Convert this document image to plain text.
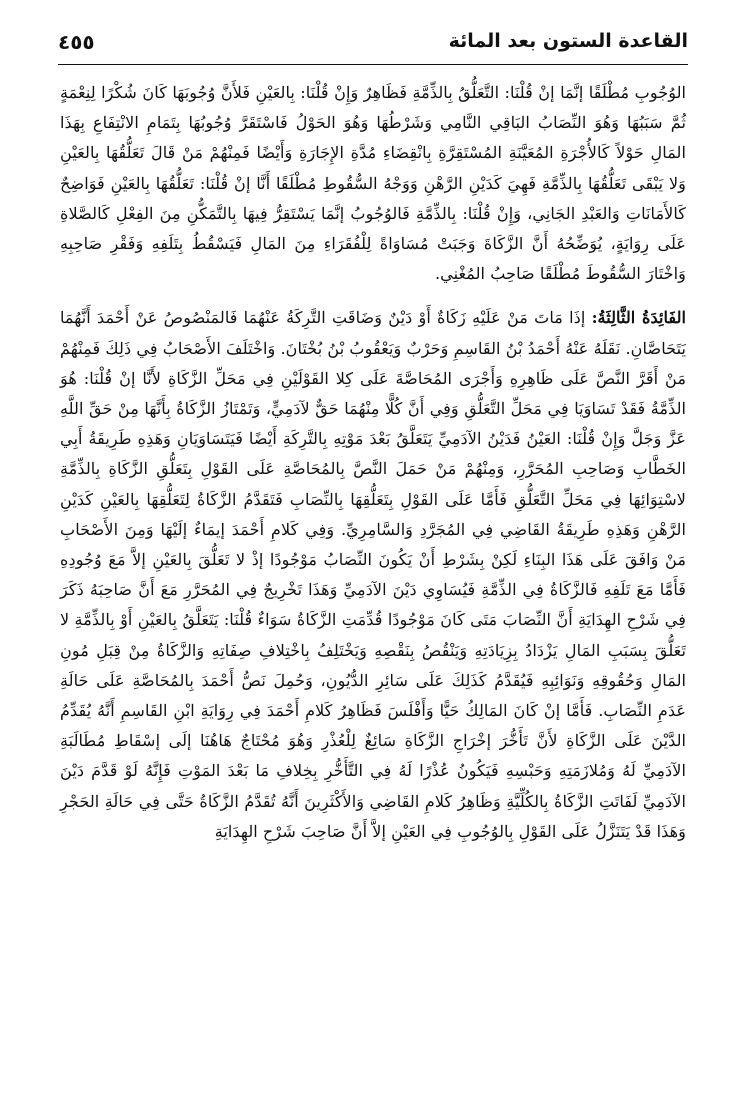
القاعدة الستون بعد المائة
٤٥٥

الوُجُوبِ مُطْلَقًا إنَّمَا إنْ قُلْنَا: التَّعَلُّقُ بِالذِّمَّةِ فَظَاهِرٌ وَإِنْ قُلْنَا: بِالعَيْنِ فَلأَنَّ وُجُوبَهَا كَانَ شُكْرًا لِنِعْمَةٍ ثُمَّ سَبَبُهَا وَهُوَ النِّصَابُ البَاقِي النَّامِي وَشَرْطُهَا وَهُوَ الحَوْلُ فَاسْتَقَرَّ وُجُوبُهَا بِتَمَامِ الانْتِفَاعِ بِهَذَا المَالِ حَوْلاً كَالأُجْرَةِ المُعَيَّنَةِ المُسْتَقِرَّةِ بِانْقِضَاءِ مُدَّةِ الإِجَارَةِ وَأَيْضًا فَمِنْهُمْ مَنْ قَالَ تَعَلُّقُهَا بِالعَيْنِ وَلا يَبْقَى تَعَلُّقُهَا بِالذِّمَّةِ فَهِيَ كَدَيْنِ الرَّهْنِ وَوَجْهُ السُّقُوطِ مُطْلَقًا أَنَّا إنْ قُلْنَا: تَعَلُّقُهَا بِالعَيْنِ فَوَاضِحٌ كَالأَمَانَاتِ وَالعَبْدِ الجَانِي، وَإِنْ قُلْنَا: بِالذِّمَّةِ فَالوُجُوبُ إنَّمَا يَسْتَقِرُّ فِيهَا بِالتَّمَكُّنِ مِنَ الفِعْلِ كَالصَّلاةِ عَلَى رِوَايَةٍ، يُوَضِّحُهُ أَنَّ الزَّكَاةَ وَجَبَتْ مُسَاوَاةً لِلْفُقَرَاءِ مِنَ المَالِ فَيَسْقُطُ بِتَلَفِهِ وَفَقْرِ صَاحِبِهِ وَاخْتَارَ السُّقُوطَ مُطْلَقًا صَاحِبُ المُغْنِي.

الفَائِدَةُ الثَّالِثَةُ: إذَا مَاتَ مَنْ عَلَيْهِ زَكَاةٌ أَوْ دَيْنٌ وَضَاقَتِ التَّرِكَةُ عَنْهُمَا فَالمَنْصُوصُ عَنْ أَحْمَدَ أَنَّهُمَا يَتَحَاصَّانِ. نَقَلَهُ عَنْهُ أَحْمَدُ بْنُ القَاسِمِ وَحَرْبٌ وَيَعْقُوبُ بْنُ بُخْتَانَ. وَاخْتَلَفَ الأَصْحَابُ فِي ذَلِكَ فَمِنْهُمْ مَنْ أَقَرَّ النَّصَّ عَلَى ظَاهِرِهِ وَأَجْرَى المُحَاصَّةَ عَلَى كِلا القَوْلَيْنِ فِي مَحَلِّ الزَّكَاةِ لأَنَّا إنْ قُلْنَا: هُوَ الذِّمَّةُ فَقَدْ تَسَاوَيَا فِي مَحَلِّ التَّعَلُّقِ وَفِي أَنَّ كُلًّا مِنْهُمَا حَقٌّ لآدَمِيٍّ، وَتَمْتَازُ الزَّكَاةُ بِأَنَّهَا مِنْ حَقِّ اللَّهِ عَزَّ وَجَلَّ وَإِنْ قُلْنَا: العَيْنُ فَدَيْنُ الآدَمِيِّ يَتَعَلَّقُ بَعْدَ مَوْتِهِ بِالتَّرِكَةِ أَيْضًا فَيَتَسَاوَيَانِ وَهَذِهِ طَرِيقَةُ أَبِي الخَطَّابِ وَصَاحِبِ المُحَرَّرِ، وَمِنْهُمْ مَنْ حَمَلَ النَّصَّ بِالمُحَاصَّةِ عَلَى القَوْلِ بِتَعَلُّقِ الزَّكَاةِ بِالذِّمَّةِ لاسْتِوَائِهَا فِي مَحَلِّ التَّعَلُّقِ فَأَمَّا عَلَى القَوْلِ بِتَعَلُّقِهَا بِالنِّصَابِ فَتَقَدَّمُ الزَّكَاةُ لِتَعَلُّقِهَا بِالعَيْنِ كَدَيْنِ الرَّهْنِ وَهَذِهِ طَرِيقَةُ القَاضِي فِي المُجَرَّدِ وَالسَّامِرِيِّ. وَفِي كَلامِ أَحْمَدَ إيمَاءٌ إلَيْهَا وَمِنَ الأَصْحَابِ مَنْ وَافَقَ عَلَى هَذَا البِنَاءِ لَكِنْ بِشَرْطِ أَنْ يَكُونَ النِّصَابُ مَوْجُودًا إذْ لا تَعَلُّقَ بِالعَيْنِ إلاَّ مَعَ وُجُودِهِ فَأَمَّا مَعَ تَلَفِهِ فَالزَّكَاةُ فِي الذِّمَّةِ فَيُسَاوِي دَيْنَ الآدَمِيِّ وَهَذَا تَخْرِيجٌ فِي المُحَرَّرِ مَعَ أَنَّ صَاحِبَهُ ذَكَرَ فِي شَرْحِ الهِدَايَةِ أَنَّ النِّصَابَ مَتَى كَانَ مَوْجُودًا قُدِّمَتِ الزَّكَاةُ سَوَاءٌ قُلْنَا: يَتَعَلَّقُ بِالعَيْنِ أَوْ بِالذِّمَّةِ لا تَعَلُّقَ بِسَبَبِ المَالِ يَزْدَادُ بِزِيَادَتِهِ وَيَنْقُصُ بِنَقْصِهِ وَيَخْتَلِفُ بِاخْتِلافِ صِفَاتِهِ وَالزَّكَاةُ مِنْ قِبَلِ مُونِ المَالِ وَحُقُوقِهِ وَنَوَائِبِهِ فَيُقَدَّمُ كَذَلِكَ عَلَى سَائِرِ الدُّيُونِ، وَحُمِلَ نَصُّ أَحْمَدَ بِالمُحَاصَّةِ عَلَى حَالَةِ عَدَمِ النِّصَابِ. فَأَمَّا إنْ كَانَ المَالِكُ حَيًّا وَأَفْلَسَ فَظَاهِرُ كَلامِ أَحْمَدَ فِي رِوَايَةِ ابْنِ القَاسِمِ أَنَّهُ يُقَدِّمُ الدَّيْنَ عَلَى الزَّكَاةِ لأَنَّ تَأَخُّرَ إخْرَاجِ الزَّكَاةِ سَائِغٌ لِلْعُذْرِ وَهُوَ مُحْتَاجٌ هَاهُنَا إلَى إسْقَاطِ مُطَالَبَةِ الآدَمِيِّ لَهُ وَمُلازَمَتِهِ وَحَبْسِهِ فَيَكُونُ عُذْرًا لَهُ فِي التَّأَخُّرِ بِخِلافِ مَا بَعْدَ المَوْتِ فَإِنَّهُ لَوْ قَدَّمَ دَيْنَ الآدَمِيِّ لَفَاتَتِ الزَّكَاةُ بِالكُلِّيَّةِ وَظَاهِرُ كَلامِ القَاضِي وَالأَكْثَرِينَ أَنَّهُ تُقَدَّمُ الزَّكَاةُ حَتَّى فِي حَالَةِ الحَجْرِ وَهَذَا قَدْ يَتَنَزَّلُ عَلَى القَوْلِ بِالوُجُوبِ فِي العَيْنِ إلاَّ أَنَّ صَاحِبَ شَرْحِ الهِدَايَةِ
